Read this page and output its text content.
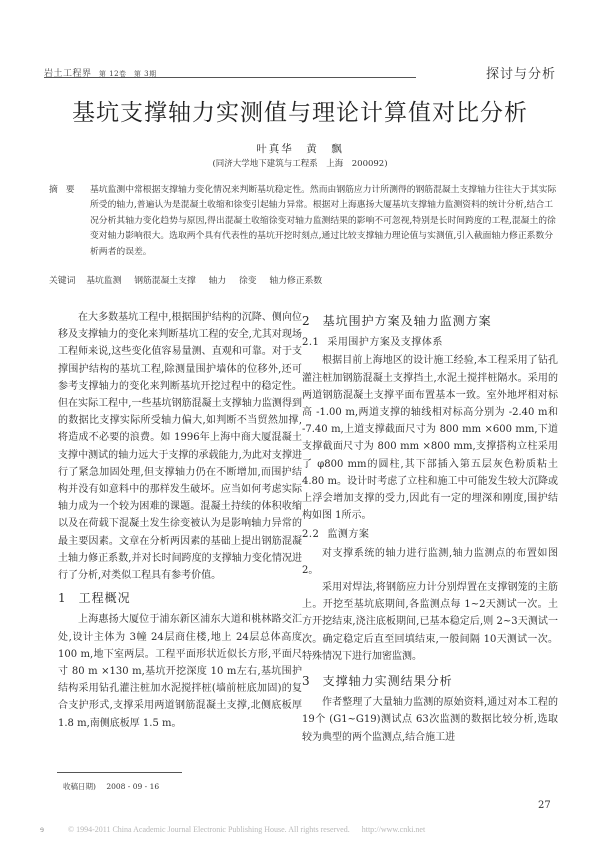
岩土工程界 第 12卷 第 3期	探讨与分析
基坑支撑轴力实测值与理论计算值对比分析
叶真华　黄　飘
(同济大学地下建筑与工程系　上海　200092)
摘要 基坑监测中常根据支撑轴力变化情况来判断基坑稳定性。然而由钢筋应力计所测得的钢筋混凝土支撑轴力往往大于其实际所受的轴力,普遍认为是混凝土收缩和徐变引起轴力异常。根据对上海惠扬大厦基坑支撑轴力监测资料的统计分析,结合工况分析其轴力变化趋势与原因,得出混凝土收缩徐变对轴力监测结果的影响不可忽视,特别是长时间跨度的工程,混凝土的徐变对轴力影响很大。选取两个具有代表性的基坑开挖时刻点,通过比较支撑轴力理论值与实测值,引入截面轴力修正系数分析两者的误差。
关键词 基坑监测 钢筋混凝土支撑 轴力 徐变 轴力修正系数

在大多数基坑工程中,根据围护结构的沉降、侧向位移及支撑轴力的变化来判断基坑工程的安全,尤其对现场工程师来说,这些变化值容易量测、直观和可靠。对于支撑围护结构的基坑工程,除测量围护墙体的位移外,还可参考支撑轴力的变化来判断基坑开挖过程中的稳定性。但在实际工程中,一些基坑钢筋混凝土支撑轴力监测得到的数据比支撑实际所受轴力偏大,如判断不当贸然加撑,将造成不必要的浪费。如 1996年上海中商大厦混凝土支撑中测试的轴力远大于支撑的承载能力,为此对支撑进行了紧急加固处理,但支撑轴力仍在不断增加,而围护结构并没有如意料中的那样发生破坏。应当如何考虑实际轴力成为一个较为困难的课题。混凝土持续的体积收缩以及在荷载下混凝土发生徐变被认为是影响轴力异常的最主要因素。文章在分析两因素的基础上提出钢筋混凝土轴力修正系数,并对长时间跨度的支撑轴力变化情况进行了分析,对类似工程具有参考价值。

1 工程概况

上海惠扬大厦位于浦东新区浦东大道和桃林路交汇处,设计主体为 3幢 24层商住楼,地上 24层总体高度 100 m,地下室两层。工程平面形状近似长方形,平面尺寸 80 m ×130 m,基坑开挖深度 10 m左右,基坑围护结构采用钻孔灌注桩加水泥搅拌桩(墙前桩底加固)的复合支护形式,支撑采用两道钢筋混凝土支撑,北侧底板厚 1.8 m,南侧底板厚 1.5 m。

2 基坑围护方案及轴力监测方案
2.1 采用围护方案及支撑体系

根据目前上海地区的设计施工经验,本工程采用了钻孔灌注桩加钢筋混凝土支撑挡土,水泥土搅拌桩隔水。采用的两道钢筋混凝土支撑平面布置基本一致。室外地坪相对标高 -1.00 m,两道支撑的轴线相对标高分别为 -2.40 m和 -7.40 m,上道支撑截面尺寸为 800 mm ×600 mm,下道支撑截面尺寸为 800 mm ×800 mm,支撑搭构立柱采用了 φ800 mm的圆柱,其下部插入第五层灰色粉质粘土 4.80 m。设计时考虑了立柱和施工中可能发生较大沉降或上浮会增加支撑的受力,因此有一定的埋深和刚度,围护结构如图 1所示。

2.2 监测方案

对支撑系统的轴力进行监测,轴力监测点的布置如图 2。

采用对焊法,将钢筋应力计分别焊置在支撑钢笼的主筋上。开挖至基坑底期间,各监测点每 1~2天测试一次。土方开挖结束,浇注底板期间,已基本稳定后,则 2~3天测试一次。确定稳定后直至回填结束,一般间隔 10天测试一次。特殊情况下进行加密监测。

3 支撑轴力实测结果分析

作者整理了大量轴力监测的原始资料,通过对本工程的 19个 (G1~G19)测试点 63次监测的数据比较分析,选取较为典型的两个监测点,结合施工进

收稿日期) 2008 - 09 - 16
27
ɘ	© 1994-2011 China Academic Journal Electronic Publishing House. All rights reserved. http://www.cnki.net
